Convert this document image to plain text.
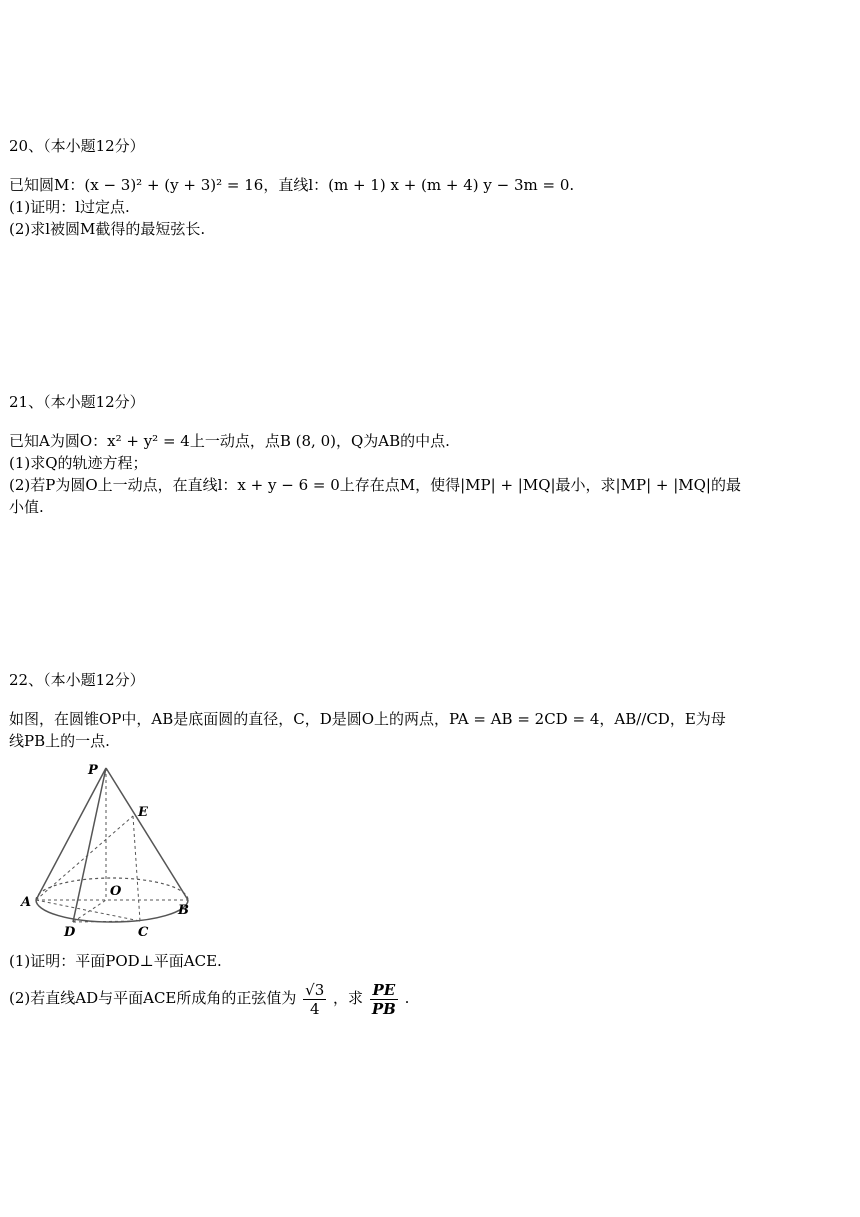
20、（本小题12分）

已知圆M：(x − 3)² + (y + 3)² = 16，直线l：(m + 1) x + (m + 4) y − 3m = 0.

(1)证明：l过定点.

(2)求l被圆M截得的最短弦长.

21、（本小题12分）

已知A为圆O：x² + y² = 4上一动点，点B (8, 0)，Q为AB的中点.

(1)求Q的轨迹方程；

(2)若P为圆O上一动点，在直线l：x + y − 6 = 0上存在点M，使得|MP| + |MQ|最小，求|MP| + |MQ|的最

小值.

22、（本小题12分）

如图，在圆锥OP中，AB是底面圆的直径，C，D是圆O上的两点，PA = AB = 2CD = 4，AB//CD，E为母

线PB上的一点.

P
E
O
A
B
D	C

(1)证明：平面POD⊥平面ACE.

(2)若直线AD与平面ACE所成角的正弦值为 $\frac{√3}{4}$ ，求 $\frac{PE}{PB}$ .
